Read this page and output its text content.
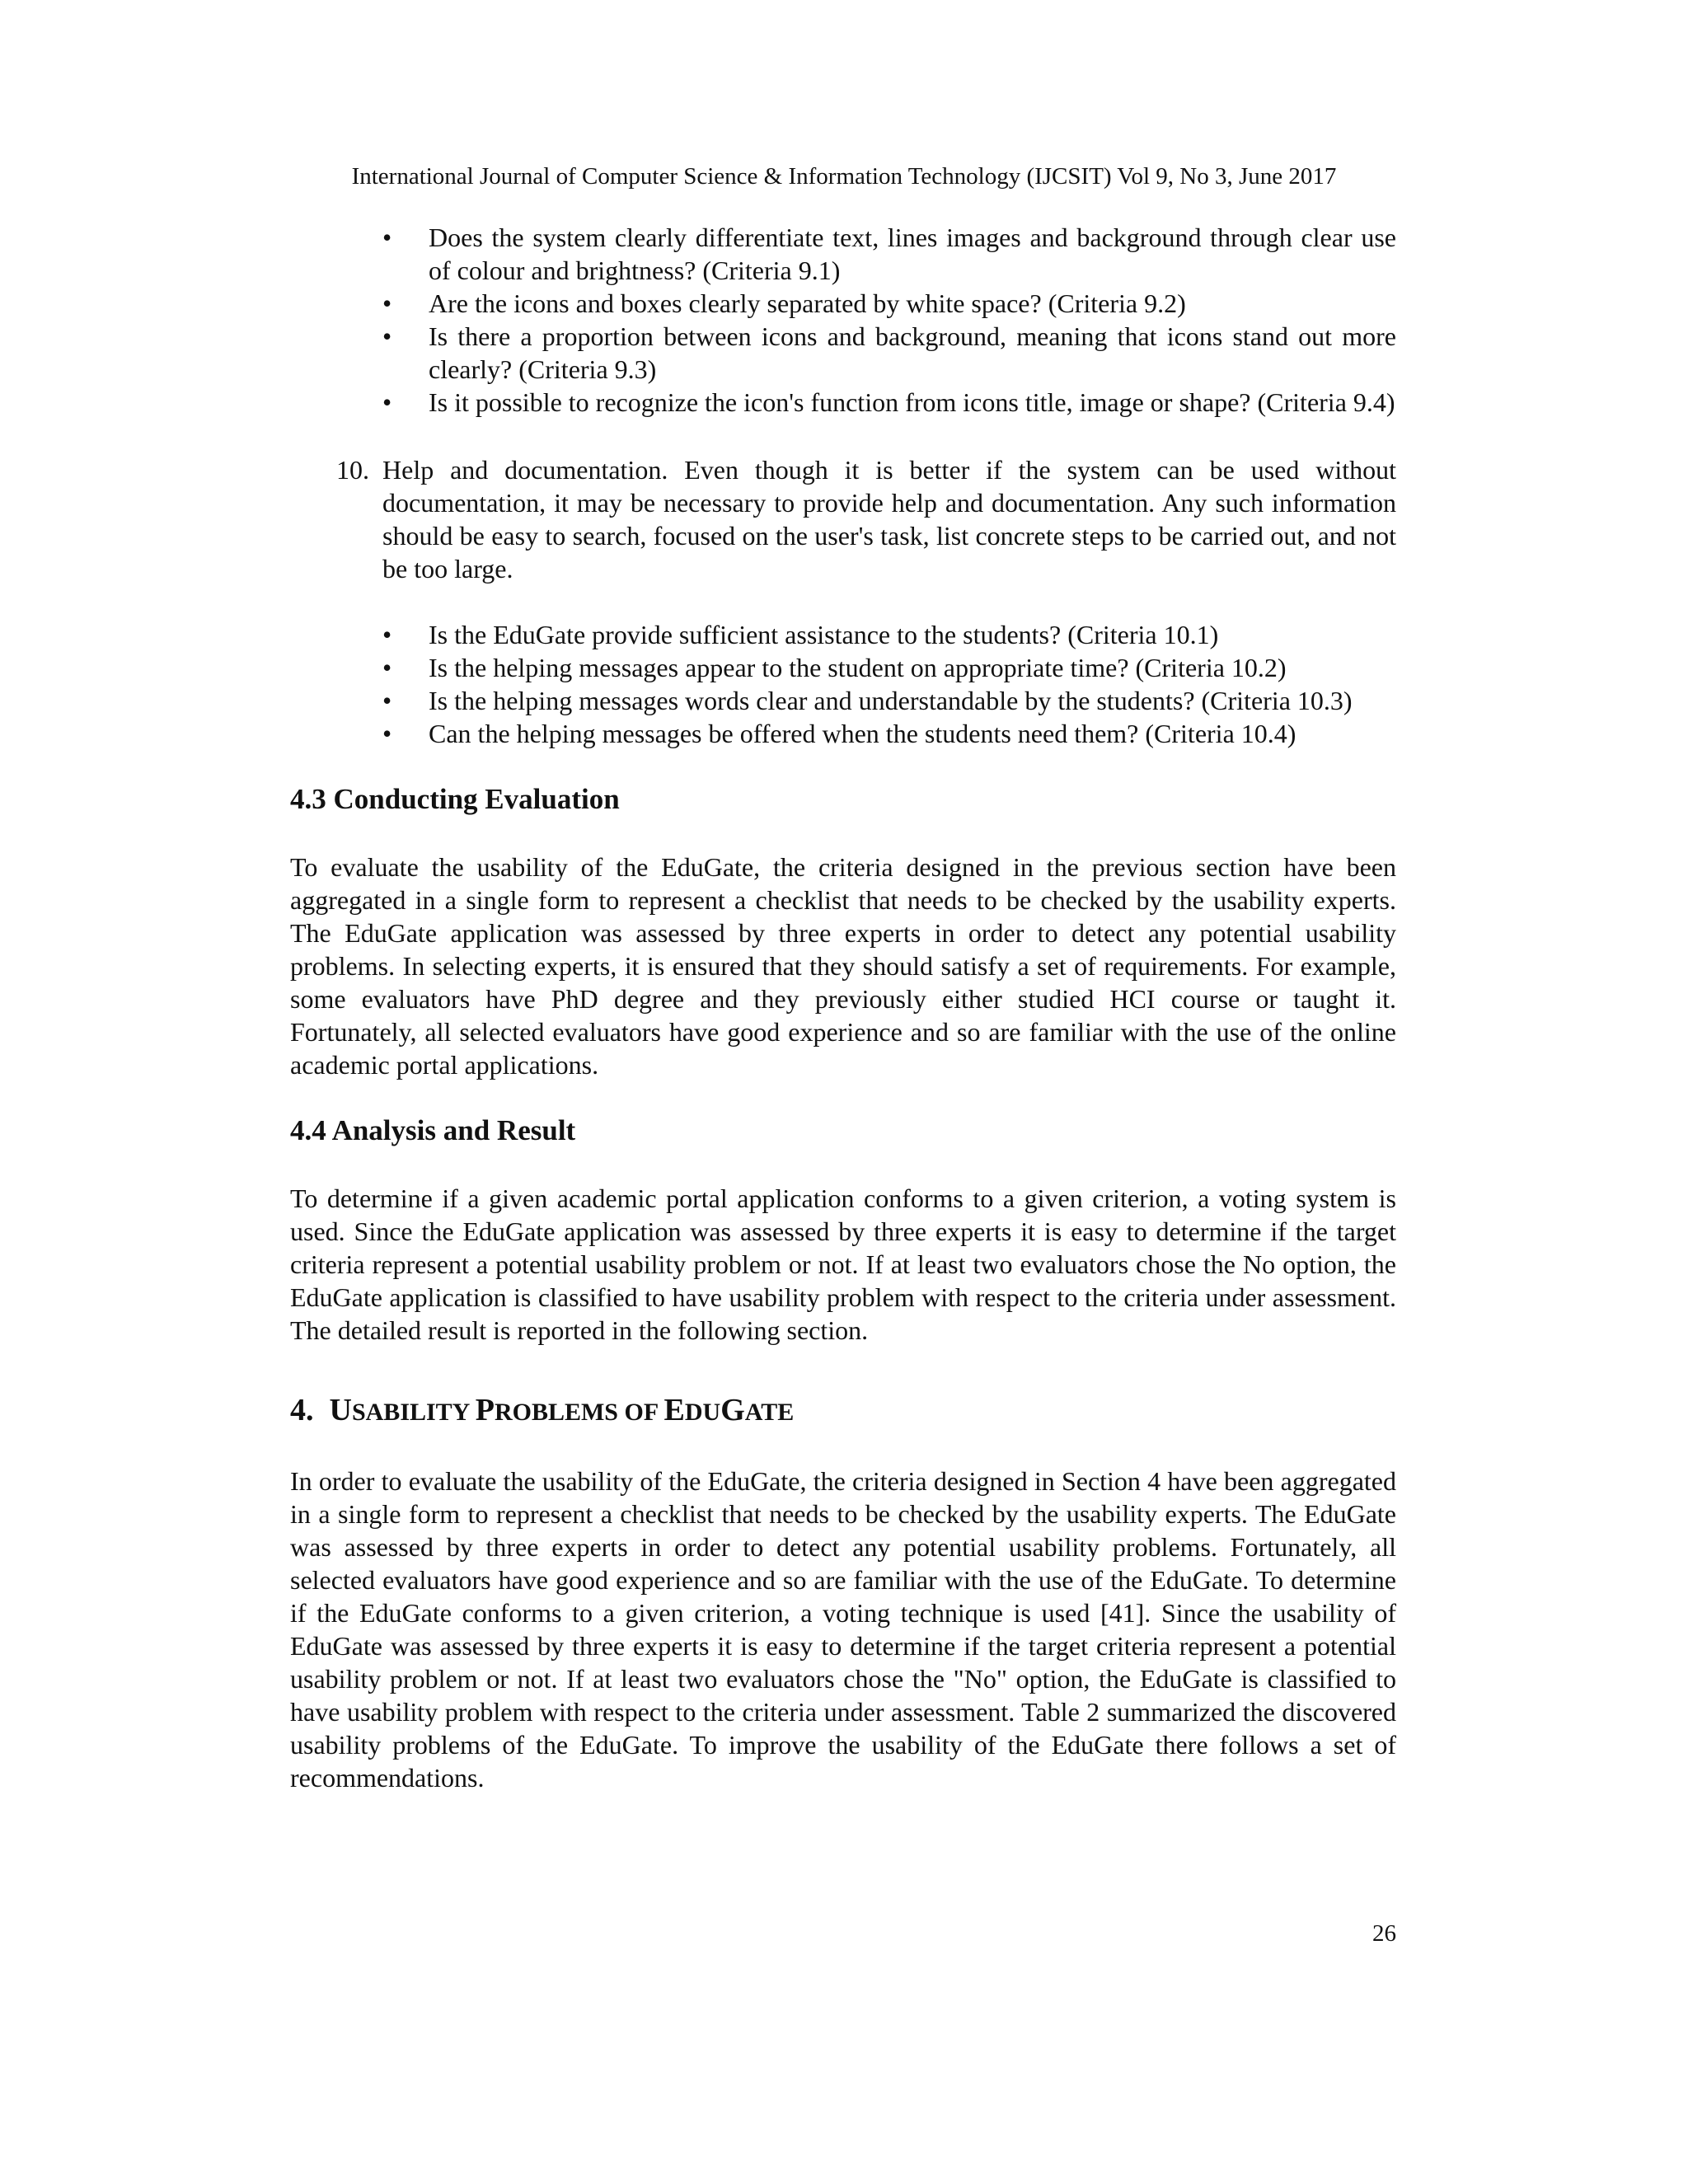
International Journal of Computer Science & Information Technology (IJCSIT) Vol 9, No 3, June 2017
• Does the system clearly differentiate text, lines images and background through clear use of colour and brightness? (Criteria 9.1)
• Are the icons and boxes clearly separated by white space? (Criteria 9.2)
• Is there a proportion between icons and background, meaning that icons stand out more clearly? (Criteria 9.3)
• Is it possible to recognize the icon's function from icons title, image or shape? (Criteria 9.4)
10. Help and documentation. Even though it is better if the system can be used without documentation, it may be necessary to provide help and documentation. Any such information should be easy to search, focused on the user's task, list concrete steps to be carried out, and not be too large.
• Is the EduGate provide sufficient assistance to the students? (Criteria 10.1)
• Is the helping messages appear to the student on appropriate time? (Criteria 10.2)
• Is the helping messages words clear and understandable by the students? (Criteria 10.3)
• Can the helping messages be offered when the students need them? (Criteria 10.4)
4.3 Conducting Evaluation

To evaluate the usability of the EduGate, the criteria designed in the previous section have been aggregated in a single form to represent a checklist that needs to be checked by the usability experts. The EduGate application was assessed by three experts in order to detect any potential usability problems. In selecting experts, it is ensured that they should satisfy a set of requirements. For example, some evaluators have PhD degree and they previously either studied HCI course or taught it. Fortunately, all selected evaluators have good experience and so are familiar with the use of the online academic portal applications.

4.4 Analysis and Result

To determine if a given academic portal application conforms to a given criterion, a voting system is used. Since the EduGate application was assessed by three experts it is easy to determine if the target criteria represent a potential usability problem or not. If at least two evaluators chose the No option, the EduGate application is classified to have usability problem with respect to the criteria under assessment. The detailed result is reported in the following section.

4. USABILITY PROBLEMS OF EDUGATE

In order to evaluate the usability of the EduGate, the criteria designed in Section 4 have been aggregated in a single form to represent a checklist that needs to be checked by the usability experts. The EduGate was assessed by three experts in order to detect any potential usability problems. Fortunately, all selected evaluators have good experience and so are familiar with the use of the EduGate. To determine if the EduGate conforms to a given criterion, a voting technique is used [41]. Since the usability of EduGate was assessed by three experts it is easy to determine if the target criteria represent a potential usability problem or not. If at least two evaluators chose the "No" option, the EduGate is classified to have usability problem with respect to the criteria under assessment. Table 2 summarized the discovered usability problems of the EduGate. To improve the usability of the EduGate there follows a set of recommendations.

26
